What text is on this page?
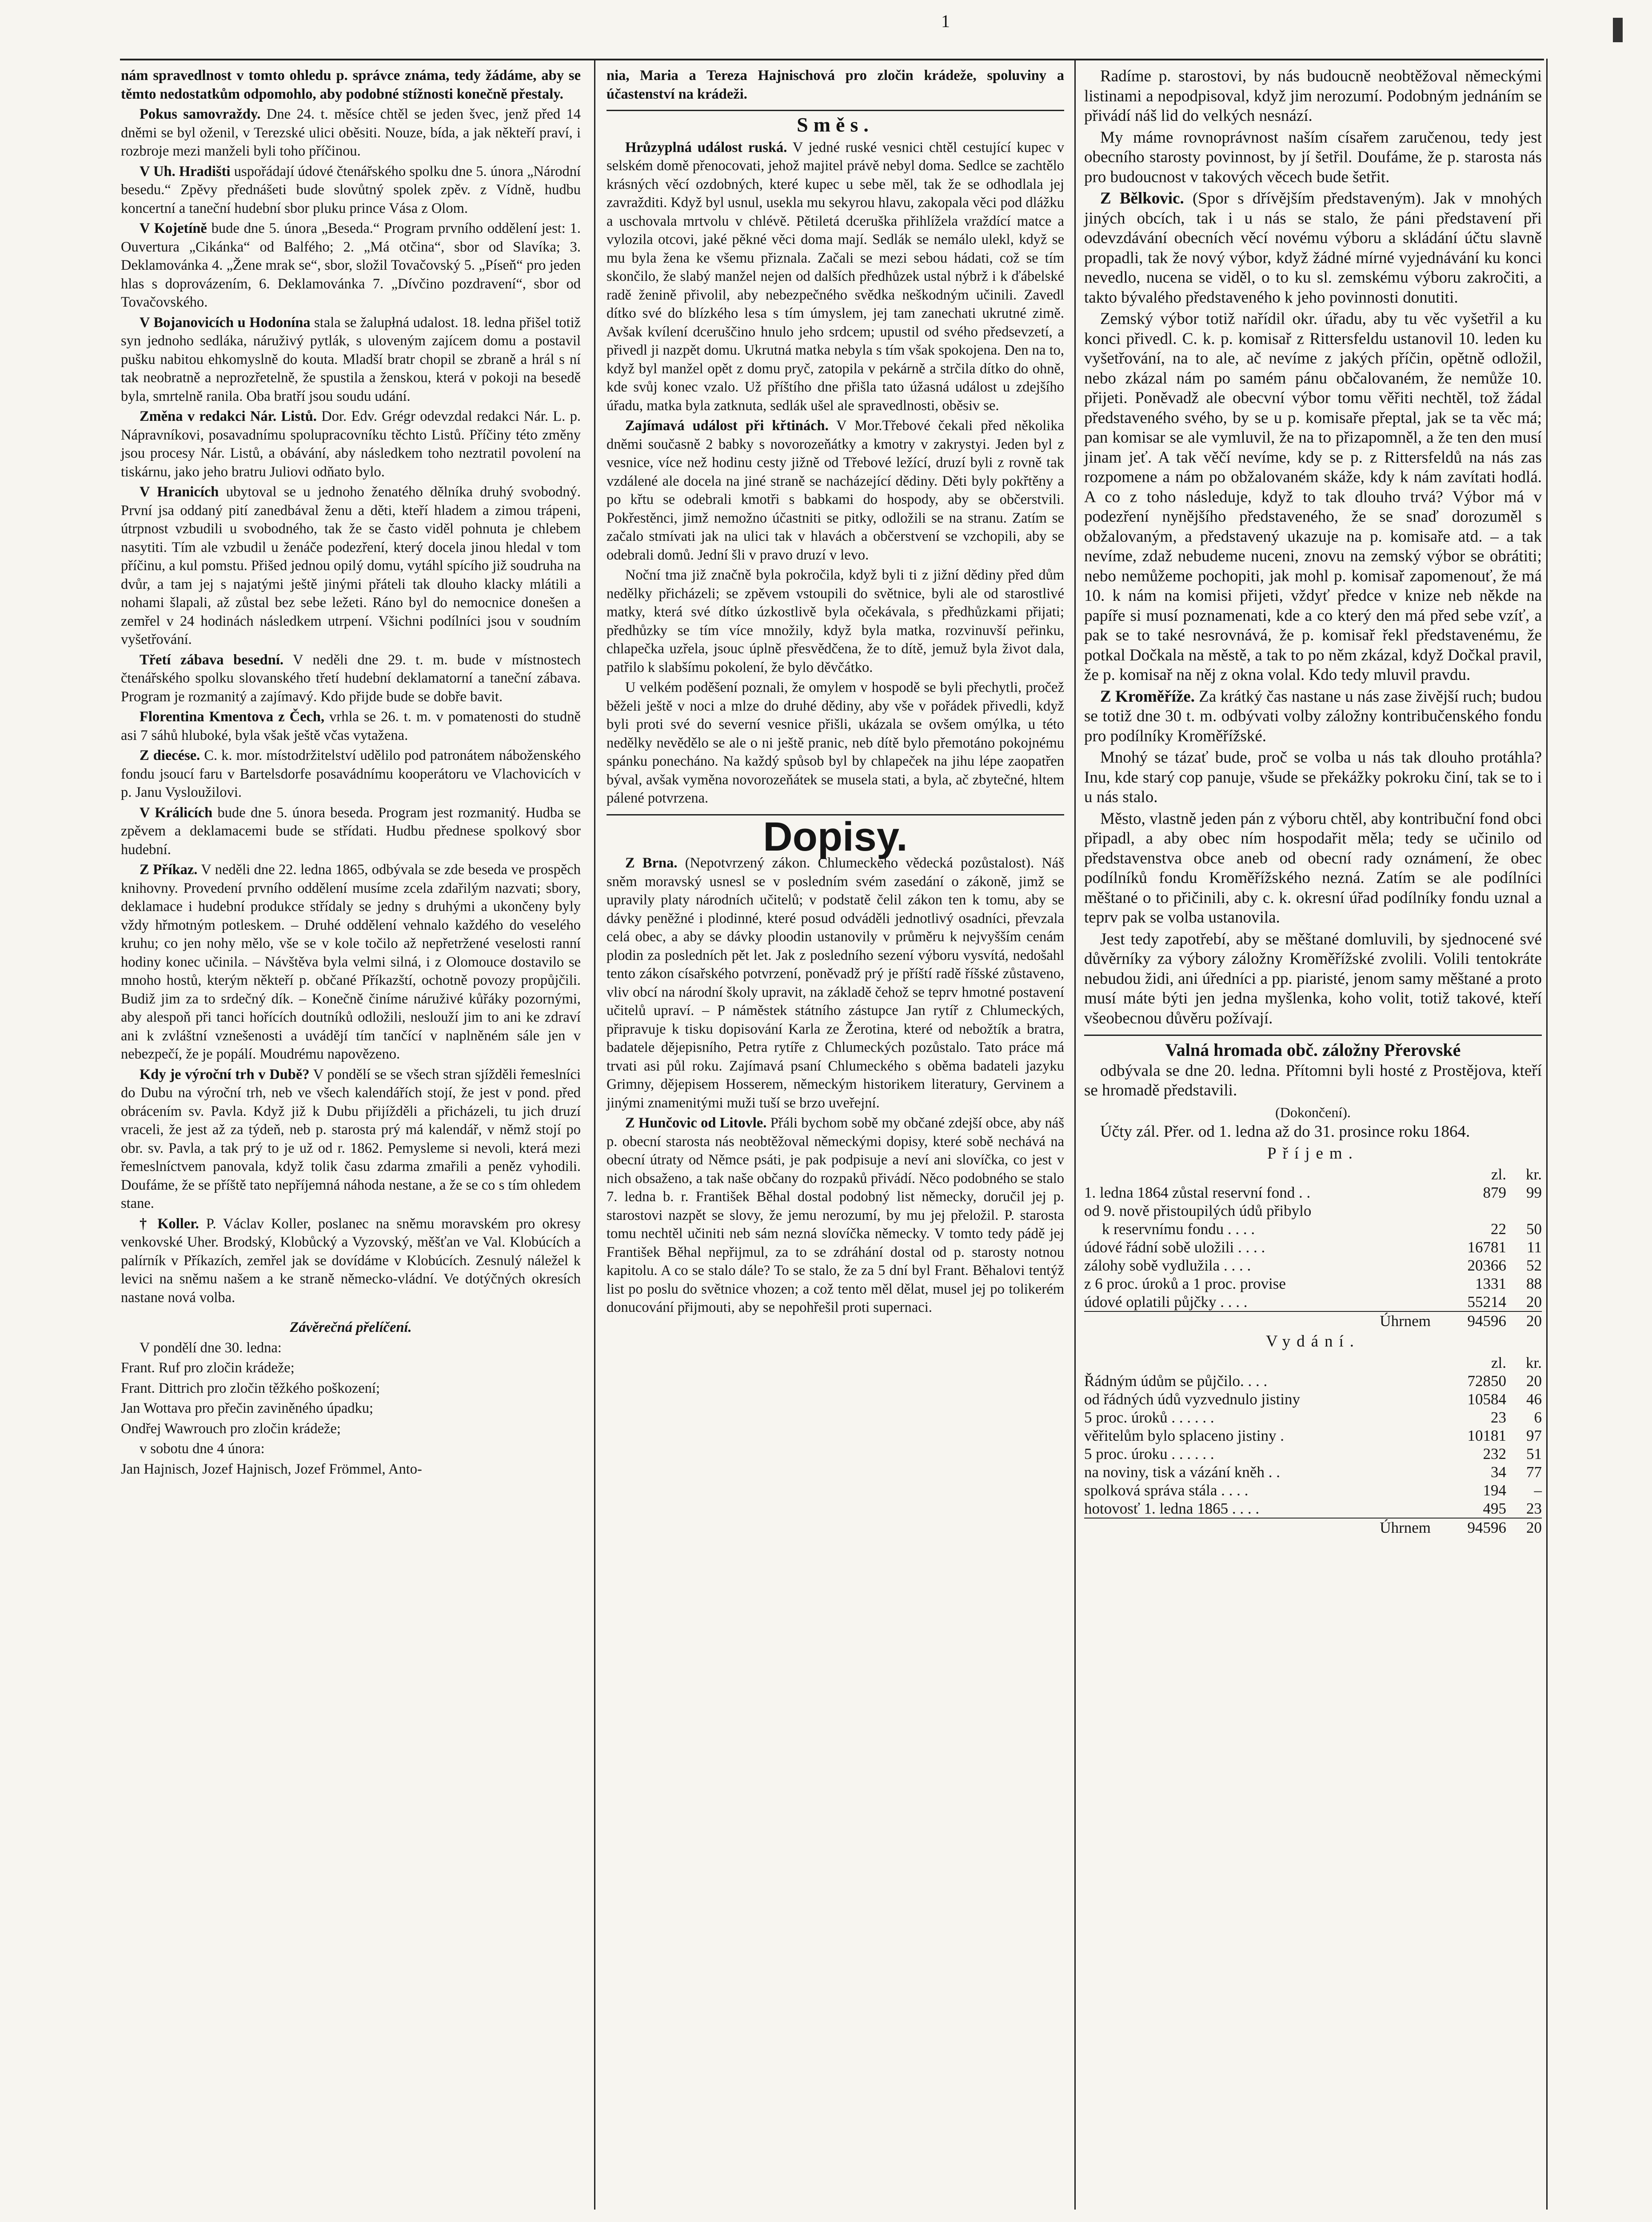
1

nám spravedlnost v tomto ohledu p. správce známa, tedy žádáme, aby se těmto nedostatkům odpomohlo, aby podobné stížnosti konečně přestaly.

Pokus samovraždy. Dne 24. t. měsíce chtěl se jeden švec, jenž před 14 dněmi se byl oženil, v Terezské ulici oběsiti. Nouze, bída, a jak někteří praví, i rozbroje mezi manželi byli toho příčinou.

V Uh. Hradišti uspořádají údové čtenářského spolku dne 5. února „Národní besedu.“ Zpěvy přednášeti bude slovůtný spolek zpěv. z Vídně, hudbu koncertní a taneční hudební sbor pluku prince Vása z Olom.

V Kojetíně bude dne 5. února „Beseda.“ Program prvního oddělení jest: 1. Ouvertura „Cikánka“ od Balfého; 2. „Má otčina“, sbor od Slavíka; 3. Deklamovánka 4. „Žene mrak se“, sbor, složil Tovačovský 5. „Píseň“ pro jeden hlas s doprovázením, 6. Deklamovánka 7. „Dívčino pozdravení“, sbor od Tovačovského.

V Bojanovicích u Hodonína stala se žalupłná udalost. 18. ledna přišel totiž syn jednoho sedláka, náruživý pytlák, s uloveným zajícem domu a postavil pušku nabitou ehkomyslně do kouta. Mladší bratr chopil se zbraně a hrál s ní tak neobratně a neprozřetelně, že spustila a ženskou, která v pokoji na besedě byla, smrtelně ranila. Oba bratří jsou soudu udání.

Změna v redakci Nár. Listů. Dor. Edv. Grégr odevzdal redakci Nár. L. p. Nápravníkovi, posavadnímu spolupracovníku těchto Listů. Příčiny této změny jsou procesy Nár. Listů, a obávání, aby následkem toho neztratil povolení na tiskárnu, jako jeho bratru Juliovi odňato bylo.

V Hranicích ubytoval se u jednoho ženatého dělníka druhý svobodný. První jsa oddaný pití zanedbával ženu a děti, kteří hladem a zimou trápeni, útrpnost vzbudili u svobodného, tak že se často viděl pohnuta je chlebem nasytiti. Tím ale vzbudil u ženáče podezření, který docela jinou hledal v tom příčinu, a kul pomstu. Přišed jednou opilý domu, vytáhl spícího již soudruha na dvůr, a tam jej s najatými ještě jinými přáteli tak dlouho klacky mlátili a nohami šlapali, až zůstal bez sebe ležeti. Ráno byl do nemocnice donešen a zemřel v 24 hodinách následkem utrpení. Všichni podílníci jsou v soudním vyšetřování.

Třetí zábava besední. V neděli dne 29. t. m. bude v místnostech čtenářského spolku slovanského třetí hudební deklamatorní a taneční zábava. Program je rozmanitý a zajímavý. Kdo přijde bude se dobře bavit.

Florentina Kmentova z Čech, vrhla se 26. t. m. v pomatenosti do studně asi 7 sáhů hluboké, byla však ještě včas vytažena.

Z diecése. C. k. mor. místodržitelství udělilo pod patronátem náboženského fondu jsoucí faru v Bartelsdorfe posavádnímu kooperátoru ve Vlachovicích v p. Janu Vysloužilovi.

V Králicích bude dne 5. února beseda. Program jest rozmanitý. Hudba se zpěvem a deklamacemi bude se střídati. Hudbu přednese spolkový sbor hudební.

Z Příkaz. V neděli dne 22. ledna 1865, odbývala se zde beseda ve prospěch knihovny. Provedení prvního oddělení musíme zcela zdařilým nazvati; sbory, deklamace i hudební produkce střídaly se jedny s druhými a ukončeny byly vždy hřmotným potleskem. – Druhé oddělení vehnalo každého do veselého kruhu; co jen nohy mělo, vše se v kole točilo až nepřetržené veselosti ranní hodiny konec učinila. – Návštěva byla velmi silná, i z Olomouce dostavilo se mnoho hostů, kterým někteří p. občané Příkazští, ochotně povozy propůjčili. Budiž jim za to srdečný dík. – Konečně činíme náruživé kůřáky pozornými, aby alespoň při tanci hořících doutníků odložili, neslouží jim to ani ke zdraví ani k zvláštní vznešenosti a uvádějí tím tančící v naplněném sále jen v nebezpečí, že je popálí. Moudrému napovězeno.

Kdy je výroční trh v Dubě? V pondělí se se všech stran sjížděli řemeslníci do Dubu na výroční trh, neb ve všech kalendářích stojí, že jest v pond. před obrácením sv. Pavla. Když již k Dubu přijížděli a přicházeli, tu jich druzí vraceli, že jest až za týdeň, neb p. starosta prý má kalendář, v němž stojí po obr. sv. Pavla, a tak prý to je už od r. 1862. Pemysleme si nevoli, která mezi řemeslníctvem panovala, když tolik času zdarma zmařili a peněz vyhodili. Doufáme, že se příště tato nepříjemná náhoda nestane, a že se co s tím ohledem stane.

† Koller. P. Václav Koller, poslanec na sněmu moravském pro okresy venkovské Uher. Brodský, Klobůcký a Vyzovský, měšťan ve Val. Klobúcích a palírník v Příkazích, zemřel jak se dovídáme v Klobúcích. Zesnulý náležel k levici na sněmu našem a ke straně německo-vládní. Ve dotýčných okresích nastane nová volba.

Závěrečná přelíčení.

V pondělí dne 30. ledna:

Frant. Ruf pro zločin krádeže;

Frant. Dittrich pro zločin těžkého poškození;

Jan Wottava pro přečin zaviněného úpadku;

Ondřej Wawrouch pro zločin krádeže;

v sobotu dne 4 února:

Jan Hajnisch, Jozef Hajnisch, Jozef Frömmel, Anto-

nia, Maria a Tereza Hajnischová pro zločin krádeže, spoluviny a účastenství na krádeži.

Směs.

Hrůzyplná událost ruská. V jedné ruské vesnici chtěl cestující kupec v selském domě přenocovati, jehož majitel právě nebyl doma. Sedlce se zachtělo krásných věcí ozdobných, které kupec u sebe měl, tak že se odhodlala jej zavražditi. Když byl usnul, usekla mu sekyrou hlavu, zakopala věci pod dlážku a uschovala mrtvolu v chlévě. Pětiletá dceruška přihlížela vraždící matce a vylozila otcovi, jaké pěkné věci doma mají. Sedlák se nemálo ulekl, když se mu byla žena ke všemu přiznala. Začali se mezi sebou hádati, což se tím skončilo, že slabý manžel nejen od dalších předhůzek ustal nýbrž i k ďábelské radě ženině přivolil, aby nebezpečného svědka neškodným učinili. Zavedl dítko své do blízkého lesa s tím úmyslem, jej tam zanechati ukrutné zimě. Avšak kvílení dceruščino hnulo jeho srdcem; upustil od svého předsevzetí, a přivedl ji nazpět domu. Ukrutná matka nebyla s tím však spokojena. Den na to, když byl manžel opět z domu pryč, zatopila v pekárně a strčila dítko do ohně, kde svůj konec vzalo. Už příštího dne přišla tato úžasná událost u zdejšího úřadu, matka byla zatknuta, sedlák ušel ale spravedlnosti, oběsiv se.

Zajímavá událost při křtinách. V Mor.Třebové čekali před několika dněmi současně 2 babky s novorozeňátky a kmotry v zakrystyi. Jeden byl z vesnice, více než hodinu cesty jižně od Třebové ležící, druzí byli z rovně tak vzdálené ale docela na jiné straně se nacházející dědiny. Děti byly pokřtěny a po křtu se odebrali kmotři s babkami do hospody, aby se občerstvili. Pokřestěnci, jimž nemožno účastniti se pitky, odložili se na stranu. Zatím se začalo stmívati jak na ulici tak v hlavách a občerstvení se vzchopili, aby se odebrali domů. Jední šli v pravo druzí v levo.

Noční tma již značně byla pokročila, když byli ti z jižní dědiny před dům nedělky přicházeli; se zpěvem vstoupili do světnice, byli ale od starostlivé matky, která své dítko úzkostlivě byla očekávala, s předhůzkami přijati; předhůzky se tím více množily, když byla matka, rozvinuvší peřinku, chlapečka uzřela, jsouc úplně přesvědčena, že to dítě, jemuž byla život dala, patřilo k slabšímu pokolení, že bylo děvčátko.

U velkém poděšení poznali, že omylem v hospodě se byli přechytli, pročež běželi ještě v noci a mlze do druhé dědiny, aby vše v pořádek přivedli, když byli proti své do severní vesnice přišli, ukázala se ovšem omýlka, u této nedělky nevědělo se ale o ni ještě pranic, neb dítě bylo přemotáno pokojnému spánku ponecháno. Na každý spůsob byl by chlapeček na jihu lépe zaopatřen býval, avšak vyměna novorozeňátek se musela stati, a byla, ač zbytečné, hltem pálené potvrzena.

Dopisy.

Z Brna. (Nepotvrzený zákon. Chlumeckého vědecká pozůstalost). Náš sněm moravský usnesl se v posledním svém zasedání o zákoně, jimž se upravily platy národních učitelů; v podstatě čelil zákon ten k tomu, aby se dávky peněžné i plodinné, které posud odváděli jednotlivý osadníci, převzala celá obec, a aby se dávky ploodin ustanovily v průměru k nejvyšším cenám plodin za posledních pět let. Jak z posledního sezení výboru vysvítá, nedošahl tento zákon císařského potvrzení, poněvadž prý je příští radě říšské zůstaveno, vliv obcí na národní školy upravit, na základě čehož se teprv hmotné postavení učitelů upraví. – P náměstek státního zástupce Jan rytíř z Chlumeckých, připravuje k tisku dopisování Karla ze Žerotina, které od nebožtík a bratra, badatele dějepisního, Petra rytíře z Chlumeckých pozůstalo. Tato práce má trvati asi půl roku. Zajímavá psaní Chlumeckého s oběma badateli jazyku Grimny, dějepisem Hosserem, německým historikem literatury, Gervinem a jinými znamenitými muži tuší se brzo uveřejní.

Z Hunčovic od Litovle. Přáli bychom sobě my občané zdejší obce, aby náš p. obecní starosta nás neobtěžoval německými dopisy, které sobě nechává na obecní útraty od Němce psáti, je pak podpisuje a neví ani slovíčka, co jest v nich obsaženo, a tak naše občany do rozpaků přivádí. Něco podobného se stalo 7. ledna b. r. František Běhal dostal podobný list německy, doručil jej p. starostovi nazpět se slovy, že jemu nerozumí, by mu jej přeložil. P. starosta tomu nechtěl učiniti neb sám nezná slovíčka německy. V tomto tedy pádě jej František Běhal nepřijmul, za to se zdráhání dostal od p. starosty notnou kapitolu. A co se stalo dále? To se stalo, že za 5 dní byl Frant. Běhalovi tentýž list po poslu do světnice vhozen; a což tento měl dělat, musel jej po tolikerém donucování přijmouti, aby se nepohřešil proti supernaci.

Radíme p. starostovi, by nás budoucně neobtěžoval německými listinami a nepodpisoval, když jim nerozumí. Podobným jednáním se přivádí náš lid do velkých nesnází.

My máme rovnoprávnost naším císařem zaručenou, tedy jest obecního starosty povinnost, by jí šetřil. Doufáme, že p. starosta nás pro budoucnost v takových věcech bude šetřit.

Z Bělkovic. (Spor s dřívějším představeným). Jak v mnohých jiných obcích, tak i u nás se stalo, že páni představení při odevzdávání obecních věcí novému výboru a skládání účtu slavně propadli, tak že nový výbor, když žádné mírné vyjednávání ku konci nevedlo, nucena se viděl, o to ku sl. zemskému výboru zakročiti, a takto bývalého představeného k jeho povinnosti donutiti.

Zemský výbor totiž nařídil okr. úřadu, aby tu věc vyšetřil a ku konci přivedl. C. k. p. komisař z Rittersfeldu ustanovil 10. leden ku vyšetřování, na to ale, ač nevíme z jakých příčin, opětně odložil, nebo zkázal nám po samém pánu občalovaném, že nemůže 10. přijeti. Poněvadž ale obecvní výbor tomu věřiti nechtěl, tož žádal představeného svého, by se u p. komisaře přeptal, jak se ta věc má; pan komisar se ale vymluvil, že na to přizapomněl, a že ten den musí jinam jeť. A tak věčí nevíme, kdy se p. z Rittersfeldů na nás zas rozpomene a nám po obžalovaném skáže, kdy k nám zavítati hodlá. A co z toho následuje, když to tak dlouho trvá? Výbor má v podezření nynějšího představeného, že se snaď dorozuměl s obžalovaným, a představený ukazuje na p. komisaře atd. – a tak nevíme, zdaž nebudeme nuceni, znovu na zemský výbor se obrátiti; nebo nemůžeme pochopiti, jak mohl p. komisař zapomenouť, že má 10. k nám na komisi přijeti, vždyť předce v knize neb někde na papíře si musí poznamenati, kde a co který den má před sebe vzíť, a pak se to také nesrovnává, že p. komisař řekl představenému, že potkal Dočkala na městě, a tak to po něm zkázal, když Dočkal pravil, že p. komisař na něj z okna volal. Kdo tedy mluvil pravdu.

Z Kroměříže. Za krátký čas nastane u nás zase živější ruch; budou se totiž dne 30 t. m. odbývati volby záložny kontribučenského fondu pro podílníky Kroměřížské.

Mnohý se tázať bude, proč se volba u nás tak dlouho protáhla? Inu, kde starý cop panuje, všude se překážky pokroku činí, tak se to i u nás stalo.

Město, vlastně jeden pán z výboru chtěl, aby kontribuční fond obci připadl, a aby obec ním hospodařit měla; tedy se učinilo od představenstva obce aneb od obecní rady oznámení, že obec podílníků fondu Kroměřížského nezná. Zatím se ale podílníci měštané o to přičinili, aby c. k. okresní úřad podílníky fondu uznal a teprv pak se volba ustanovila.

Jest tedy zapotřebí, aby se měštané domluvili, by sjednocené své důvěrníky za výbory záložny Kroměřížské zvolili. Volili tentokráte nebudou židi, ani úředníci a pp. piaristé, jenom samy měštané a proto musí máte býti jen jedna myšlenka, koho volit, totiž takové, kteří všeobecnou důvěru požívají.

Valná hromada obč. záložny Přerovské

odbývala se dne 20. ledna. Přítomni byli hosté z Prostějova, kteří se hromadě představili.

(Dokončení).

Účty zál. Přer. od 1. ledna až do 31. prosince roku 1864.

Příjem.
	zl.	kr.
1. ledna 1864 zůstal reservní fond . .	879	99
od 9. nově přistoupilých údů přibylo		
k reservnímu fondu . . . .	22	50
údové řádní sobě uložili . . . .	16781	11
zálohy sobě vydlužila . . . .	20366	52
z 6 proc. úroků a 1 proc. provise	1331	88
údové oplatili půjčky . . . .	55214	20
Úhrnem	94596	20
Vydání.
	zl.	kr.
Řádným údům se půjčilo. . . .	72850	20
od řádných údů vyzvednulo jistiny	10584	46
5 proc. úroků . . . . . .	23	6
věřitelům bylo splaceno jistiny .	10181	97
5 proc. úroku . . . . . .	232	51
na noviny, tisk a vázání kněh . .	34	77
spolková správa stála . . . .	194	–
hotovosť 1. ledna 1865 . . . .	495	23
Úhrnem	94596	20
